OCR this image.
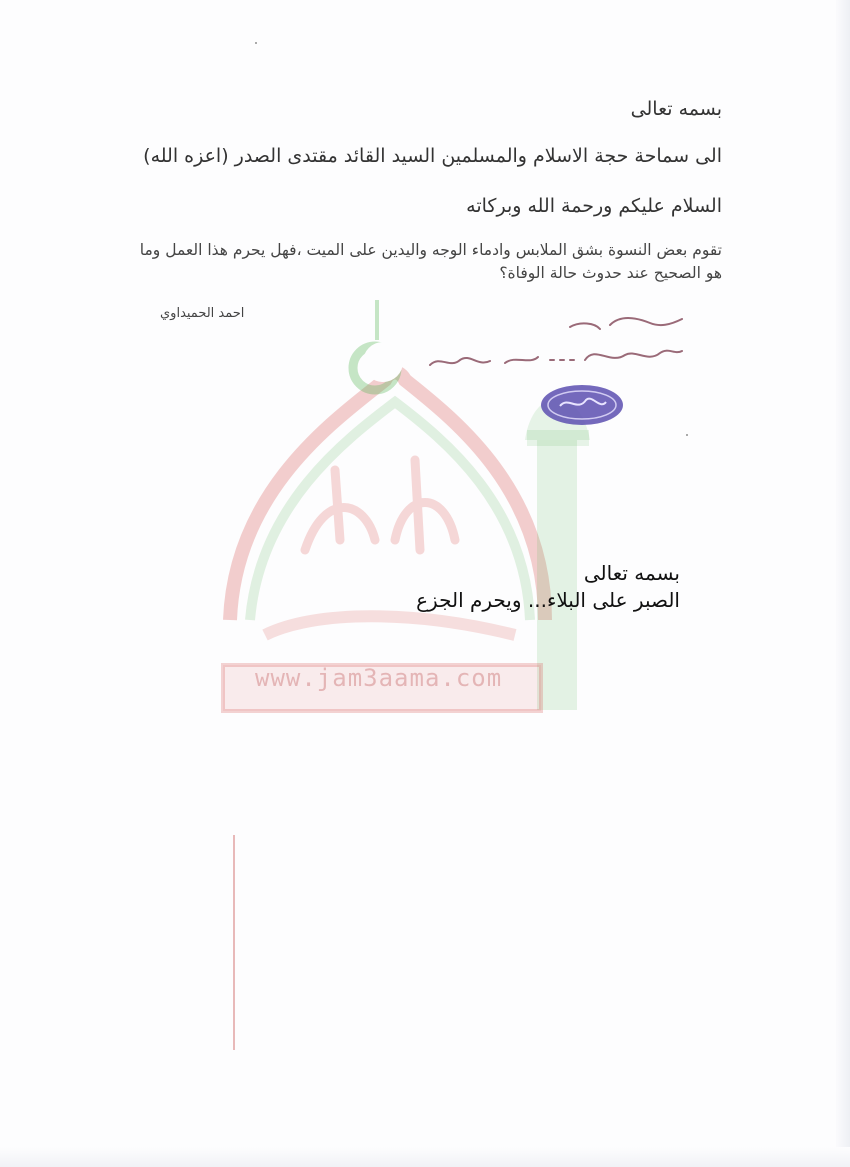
www.jam3aama.com
بسمه تعالى
الى سماحة حجة الاسلام والمسلمين السيد القائد مقتدى الصدر (اعزه الله)
السلام عليكم ورحمة الله وبركاته
تقوم بعض النسوة بشق الملابس وادماء الوجه واليدين على الميت ،فهل يحرم هذا العمل وما هو الصحيح عند حدوث حالة الوفاة؟
احمد الحميداوي
بسمه تعالى
الصبر على البلاء... ويحرم الجزع
